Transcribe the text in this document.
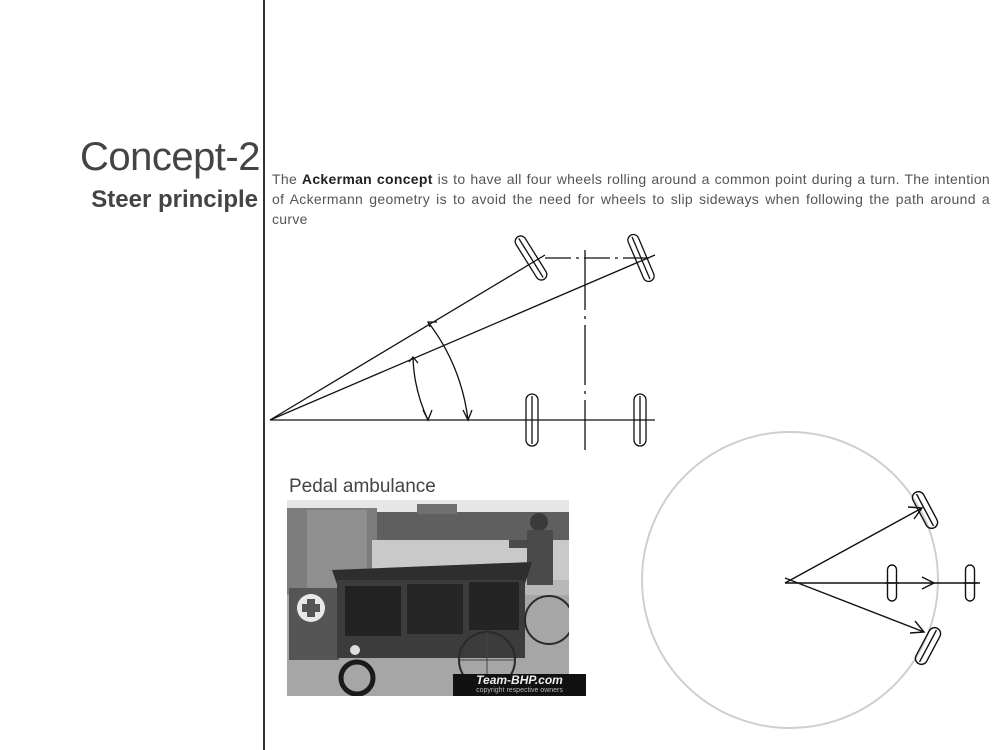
Concept-2
Steer principle

The Ackerman concept is to have all four wheels rolling around a common point during a turn. The intention of Ackermann geometry is to avoid the need for wheels to slip sideways when following the path around a curve

Pedal ambulance

Team-BHP.com
copyright respective owners
